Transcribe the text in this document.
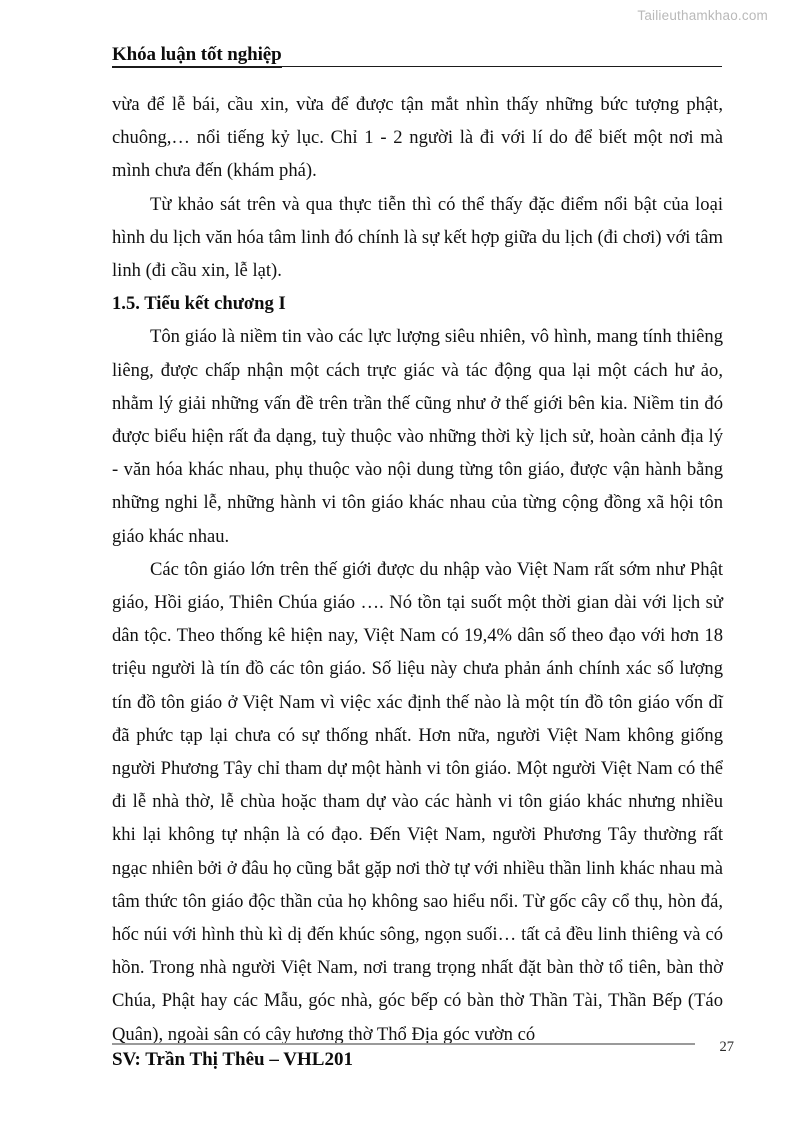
Tailieuthamkhao.com
Khóa luận tốt nghiệp

vừa để lễ bái, cầu xin, vừa để được tận mắt nhìn thấy những bức tượng phật, chuông,… nổi tiếng kỷ lục. Chỉ 1 - 2 người là đi với lí do để biết một nơi mà mình chưa đến (khám phá).

Từ khảo sát trên và qua thực tiễn thì có thể thấy đặc điểm nổi bật của loại hình du lịch văn hóa tâm linh đó chính là sự kết hợp giữa du lịch (đi chơi) với tâm linh (đi cầu xin, lễ lạt).

1.5. Tiểu kết chương I

Tôn giáo là niềm tin vào các lực lượng siêu nhiên, vô hình, mang tính thiêng liêng, được chấp nhận một cách trực giác và tác động qua lại một cách hư ảo, nhằm lý giải những vấn đề trên trần thế cũng như ở thế giới bên kia. Niềm tin đó được biểu hiện rất đa dạng, tuỳ thuộc vào những thời kỳ lịch sử, hoàn cảnh địa lý - văn hóa khác nhau, phụ thuộc vào nội dung từng tôn giáo, được vận hành bằng những nghi lễ, những hành vi tôn giáo khác nhau của từng cộng đồng xã hội tôn giáo khác nhau.

Các tôn giáo lớn trên thế giới được du nhập vào Việt Nam rất sớm như Phật giáo, Hồi giáo, Thiên Chúa giáo …. Nó tồn tại suốt một thời gian dài với lịch sử dân tộc. Theo thống kê hiện nay, Việt Nam có 19,4% dân số theo đạo với hơn 18 triệu người là tín đồ các tôn giáo. Số liệu này chưa phản ánh chính xác số lượng tín đồ tôn giáo ở Việt Nam vì việc xác định thế nào là một tín đồ tôn giáo vốn dĩ đã phức tạp lại chưa có sự thống nhất. Hơn nữa, người Việt Nam không giống người Phương Tây chỉ tham dự một hành vi tôn giáo. Một người Việt Nam có thể đi lễ nhà thờ, lễ chùa hoặc tham dự vào các hành vi tôn giáo khác nhưng nhiều khi lại không tự nhận là có đạo. Đến Việt Nam, người Phương Tây thường rất ngạc nhiên bởi ở đâu họ cũng bắt gặp nơi thờ tự với nhiều thần linh khác nhau mà tâm thức tôn giáo độc thần của họ không sao hiểu nổi. Từ gốc cây cổ thụ, hòn đá, hốc núi với hình thù kì dị đến khúc sông, ngọn suối… tất cả đều linh thiêng và có hồn. Trong nhà người Việt Nam, nơi trang trọng nhất đặt bàn thờ tổ tiên, bàn thờ Chúa, Phật hay các Mẫu, góc nhà, góc bếp có bàn thờ Thần Tài, Thần Bếp (Táo Quân), ngoài sân có cây hương thờ Thổ Địa góc vườn có

SV: Trần Thị Thêu – VHL201
27
